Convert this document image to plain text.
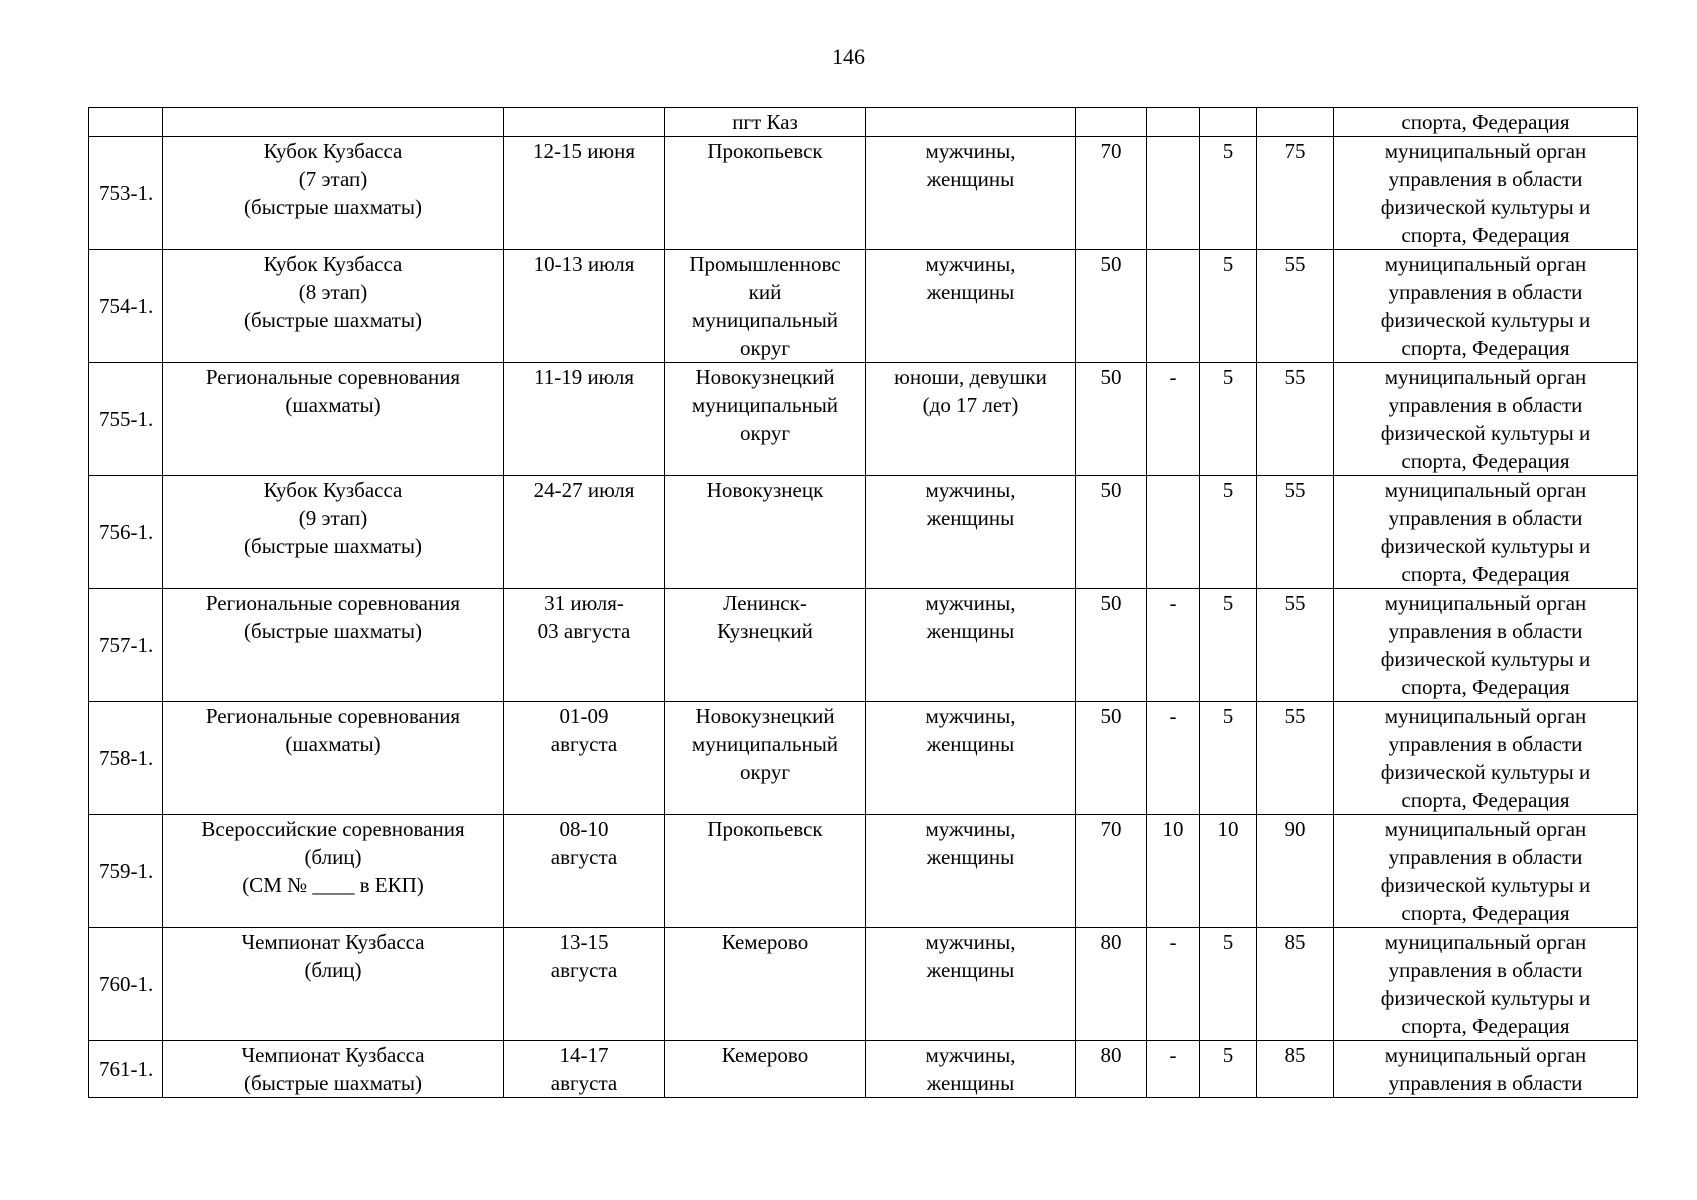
146
			пгт Каз						спорта, Федерация
753-1.	Кубок Кузбасса
(7 этап)
(быстрые шахматы)	12-15 июня	Прокопьевск	мужчины,
женщины	70		5	75	муниципальный орган
управления в области
физической культуры и
спорта, Федерация
754-1.	Кубок Кузбасса
(8 этап)
(быстрые шахматы)	10-13 июля	Промышленновс
кий
муниципальный
округ	мужчины,
женщины	50		5	55	муниципальный орган
управления в области
физической культуры и
спорта, Федерация
755-1.	Региональные соревнования
(шахматы)	11-19 июля	Новокузнецкий
муниципальный
округ	юноши, девушки
(до 17 лет)	50	-	5	55	муниципальный орган
управления в области
физической культуры и
спорта, Федерация
756-1.	Кубок Кузбасса
(9 этап)
(быстрые шахматы)	24-27 июля	Новокузнецк	мужчины,
женщины	50		5	55	муниципальный орган
управления в области
физической культуры и
спорта, Федерация
757-1.	Региональные соревнования
(быстрые шахматы)	31 июля-
03 августа	Ленинск-
Кузнецкий	мужчины,
женщины	50	-	5	55	муниципальный орган
управления в области
физической культуры и
спорта, Федерация
758-1.	Региональные соревнования
(шахматы)	01-09
августа	Новокузнецкий
муниципальный
округ	мужчины,
женщины	50	-	5	55	муниципальный орган
управления в области
физической культуры и
спорта, Федерация
759-1.	Всероссийские соревнования
(блиц)
(СМ № ____ в ЕКП)	08-10
августа	Прокопьевск	мужчины,
женщины	70	10	10	90	муниципальный орган
управления в области
физической культуры и
спорта, Федерация
760-1.	Чемпионат Кузбасса
(блиц)	13-15
августа	Кемерово	мужчины,
женщины	80	-	5	85	муниципальный орган
управления в области
физической культуры и
спорта, Федерация
761-1.	Чемпионат Кузбасса
(быстрые шахматы)	14-17
августа	Кемерово	мужчины,
женщины	80	-	5	85	муниципальный орган
управления в области
